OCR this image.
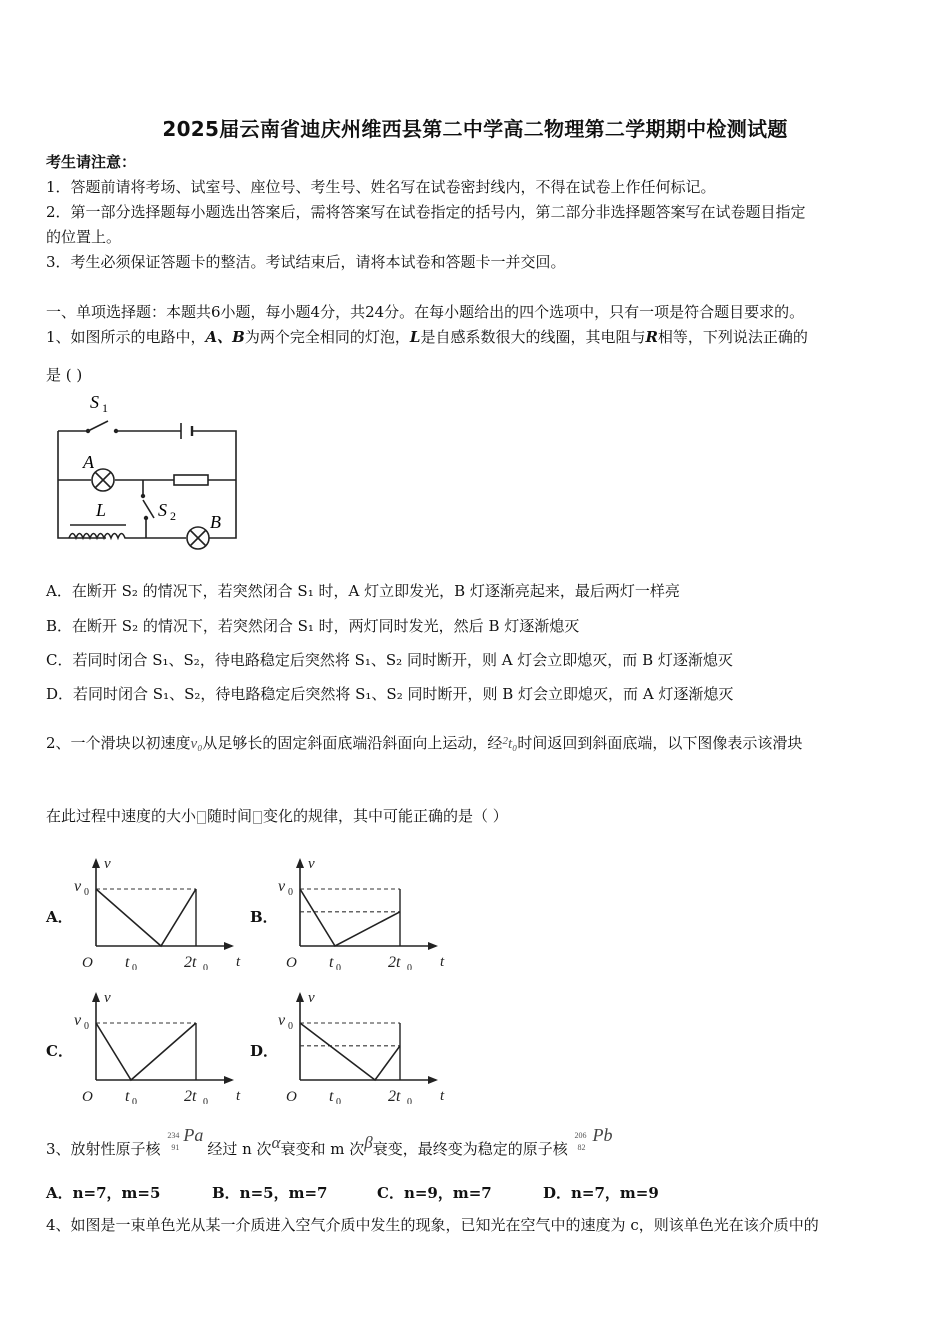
2025届云南省迪庆州维西县第二中学高二物理第二学期期中检测试题
考生请注意：
1．答题前请将考场、试室号、座位号、考生号、姓名写在试卷密封线内，不得在试卷上作任何标记。
2．第一部分选择题每小题选出答案后，需将答案写在试卷指定的括号内，第二部分非选择题答案写在试卷题目指定
的位置上。
3．考生必须保证答题卡的整洁。考试结束后，请将本试卷和答题卡一并交回。
一、单项选择题：本题共6小题，每小题4分，共24分。在每小题给出的四个选项中，只有一项是符合题目要求的。
1、如图所示的电路中，A、B为两个完全相同的灯泡，L是自感系数很大的线圈，其电阻与R相等，下列说法正确的
是 ( )
S 1
A
L	S 2 B
A．在断开 S₂ 的情况下，若突然闭合 S₁ 时，A 灯立即发光，B 灯逐渐亮起来，最后两灯一样亮
B．在断开 S₂ 的情况下，若突然闭合 S₁ 时，两灯同时发光，然后 B 灯逐渐熄灭
C．若同时闭合 S₁、S₂，待电路稳定后突然将 S₁、S₂ 同时断开，则 A 灯会立即熄灭，而 B 灯逐渐熄灭
D．若同时闭合 S₁、S₂，待电路稳定后突然将 S₁、S₂ 同时断开，则 B 灯会立即熄灭，而 A 灯逐渐熄灭
2、一个滑块以初速度v₀从足够长的固定斜面底端沿斜面向上运动，经$^2$t₀时间返回到斜面底端，以下图像表示该滑块
在此过程中速度的大小 随时间 变化的规律，其中可能正确的是（ ）
A．	B．
C．	D．
v
t
O
v 0
t 0	2t 0
v
t
O
v 0
t 0	2t 0
v
t
O
v 0
t 0	2t 0
v
t
O
v 0
t 0	2t 0
3、放射性原子核
234
91
Pa
经过 n 次α衰变和 m 次β衰变，最终变为稳定的原子核
206
82
Pb
A．n=7，m=5	B．n=5，m=7	C．n=9，m=7	D．n=7，m=9
4、如图是一束单色光从某一介质进入空气介质中发生的现象，已知光在空气中的速度为 c，则该单色光在该介质中的
